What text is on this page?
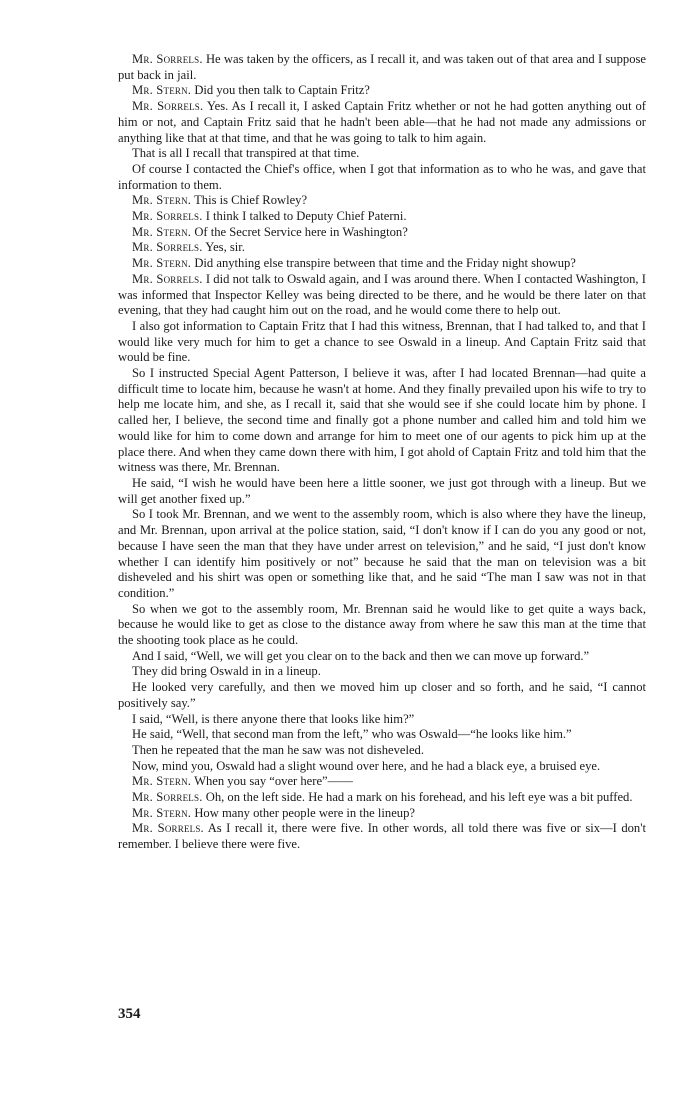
Mr. Sorrels. He was taken by the officers, as I recall it, and was taken out of that area and I suppose put back in jail.

Mr. Stern. Did you then talk to Captain Fritz?

Mr. Sorrels. Yes. As I recall it, I asked Captain Fritz whether or not he had gotten anything out of him or not, and Captain Fritz said that he hadn't been able—that he had not made any admissions or anything like that at that time, and that he was going to talk to him again.

That is all I recall that transpired at that time.

Of course I contacted the Chief's office, when I got that information as to who he was, and gave that information to them.

Mr. Stern. This is Chief Rowley?

Mr. Sorrels. I think I talked to Deputy Chief Paterni.

Mr. Stern. Of the Secret Service here in Washington?

Mr. Sorrels. Yes, sir.

Mr. Stern. Did anything else transpire between that time and the Friday night showup?

Mr. Sorrels. I did not talk to Oswald again, and I was around there. When I contacted Washington, I was informed that Inspector Kelley was being directed to be there, and he would be there later on that evening, that they had caught him out on the road, and he would come there to help out.

I also got information to Captain Fritz that I had this witness, Brennan, that I had talked to, and that I would like very much for him to get a chance to see Oswald in a lineup. And Captain Fritz said that would be fine.

So I instructed Special Agent Patterson, I believe it was, after I had located Brennan—had quite a difficult time to locate him, because he wasn't at home. And they finally prevailed upon his wife to try to help me locate him, and she, as I recall it, said that she would see if she could locate him by phone. I called her, I believe, the second time and finally got a phone number and called him and told him we would like for him to come down and arrange for him to meet one of our agents to pick him up at the place there. And when they came down there with him, I got ahold of Captain Fritz and told him that the witness was there, Mr. Brennan.

He said, “I wish he would have been here a little sooner, we just got through with a lineup. But we will get another fixed up.”

So I took Mr. Brennan, and we went to the assembly room, which is also where they have the lineup, and Mr. Brennan, upon arrival at the police station, said, “I don't know if I can do you any good or not, because I have seen the man that they have under arrest on television,” and he said, “I just don't know whether I can identify him positively or not” because he said that the man on television was a bit disheveled and his shirt was open or something like that, and he said “The man I saw was not in that condition.”

So when we got to the assembly room, Mr. Brennan said he would like to get quite a ways back, because he would like to get as close to the distance away from where he saw this man at the time that the shooting took place as he could.

And I said, “Well, we will get you clear on to the back and then we can move up forward.”

They did bring Oswald in in a lineup.

He looked very carefully, and then we moved him up closer and so forth, and he said, “I cannot positively say.”

I said, “Well, is there anyone there that looks like him?”

He said, “Well, that second man from the left,” who was Oswald—“he looks like him.”

Then he repeated that the man he saw was not disheveled.

Now, mind you, Oswald had a slight wound over here, and he had a black eye, a bruised eye.

Mr. Stern. When you say “over here”——

Mr. Sorrels. Oh, on the left side. He had a mark on his forehead, and his left eye was a bit puffed.

Mr. Stern. How many other people were in the lineup?

Mr. Sorrels. As I recall it, there were five. In other words, all told there was five or six—I don't remember. I believe there were five.

354
